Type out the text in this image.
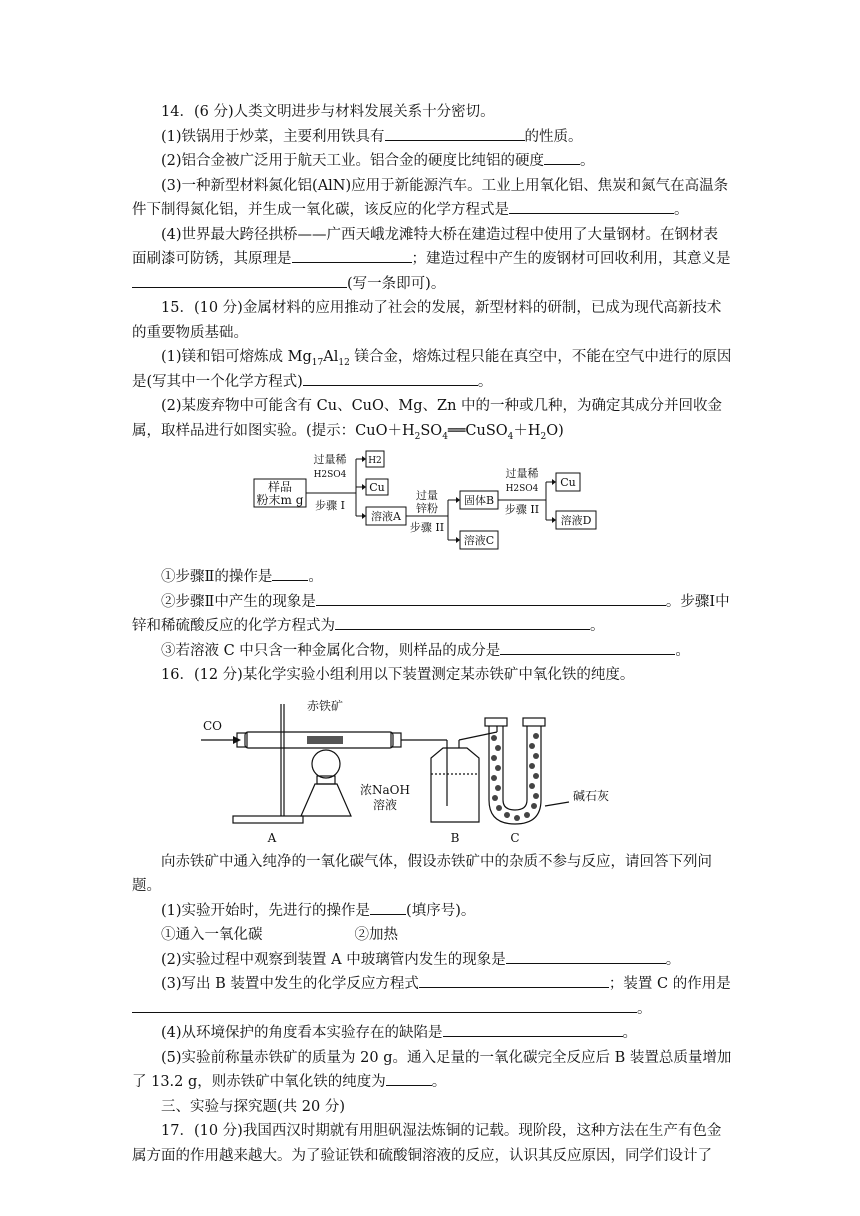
14．(6 分)人类文明进步与材料发展关系十分密切。

(1)铁锅用于炒菜，主要利用铁具有	的性质。

(2)铝合金被广泛用于航天工业。铝合金的硬度比纯铝的硬度 。

(3)一种新型材料氮化铝(AlN)应用于新能源汽车。工业上用氧化铝、焦炭和氮气在高温条件下制得氮化铝，并生成一氧化碳，该反应的化学方程式是	。

(4)世界最大跨径拱桥——广西天峨龙滩特大桥在建造过程中使用了大量钢材。在钢材表面刷漆可防锈，其原理是	；建造过程中产生的废钢材可回收利用，其意义是(写一条即可)。

15．(10 分)金属材料的应用推动了社会的发展，新型材料的研制，已成为现代高新技术的重要物质基础。

(1)镁和铝可熔炼成 $Mg_{17}Al_{12}$ 镁合金，熔炼过程只能在真空中，不能在空气中进行的原因是(写其中一个化学方程式)	。

(2)某废弃物中可能含有 Cu、CuO、Mg、Zn 中的一种或几种，为确定其成分并回收金属，取样品进行如图实验。(提示：$CuO+H_2SO_4══CuSO_4+H_2O$)

样品
粉末m g
过量稀
H2SO4
步骤 I
H2
Cu
溶液A
过量
锌粉
步骤 II
固体B
溶液C
过量稀
H2SO4
步骤 II
Cu
溶液D

①步骤Ⅱ的操作是 。

②步骤Ⅱ中产生的现象是	。步骤Ⅰ中锌和稀硫酸反应的化学方程式为	。

③若溶液 C 中只含一种金属化合物，则样品的成分是	。

16．(12 分)某化学实验小组利用以下装置测定某赤铁矿中氧化铁的纯度。

CO
赤铁矿
浓NaOH
溶液
碱石灰
A	B	C

向赤铁矿中通入纯净的一氧化碳气体，假设赤铁矿中的杂质不参与反应，请回答下列问题。

(1)实验开始时，先进行的操作是 (填序号)。

①通入一氧化碳	②加热

(2)实验过程中观察到装置 A 中玻璃管内发生的现象是	。

(3)写出 B 装置中发生的化学反应方程式	；装置 C 的作用是。

(4)从环境保护的角度看本实验存在的缺陷是	。

(5)实验前称量赤铁矿的质量为 20 g。通入足量的一氧化碳完全反应后 B 装置总质量增加了 13.2 g，则赤铁矿中氧化铁的纯度为	。

三、实验与探究题(共 20 分)

17．(10 分)我国西汉时期就有用胆矾湿法炼铜的记载。现阶段，这种方法在生产有色金属方面的作用越来越大。为了验证铁和硫酸铜溶液的反应，认识其反应原因，同学们设计了
